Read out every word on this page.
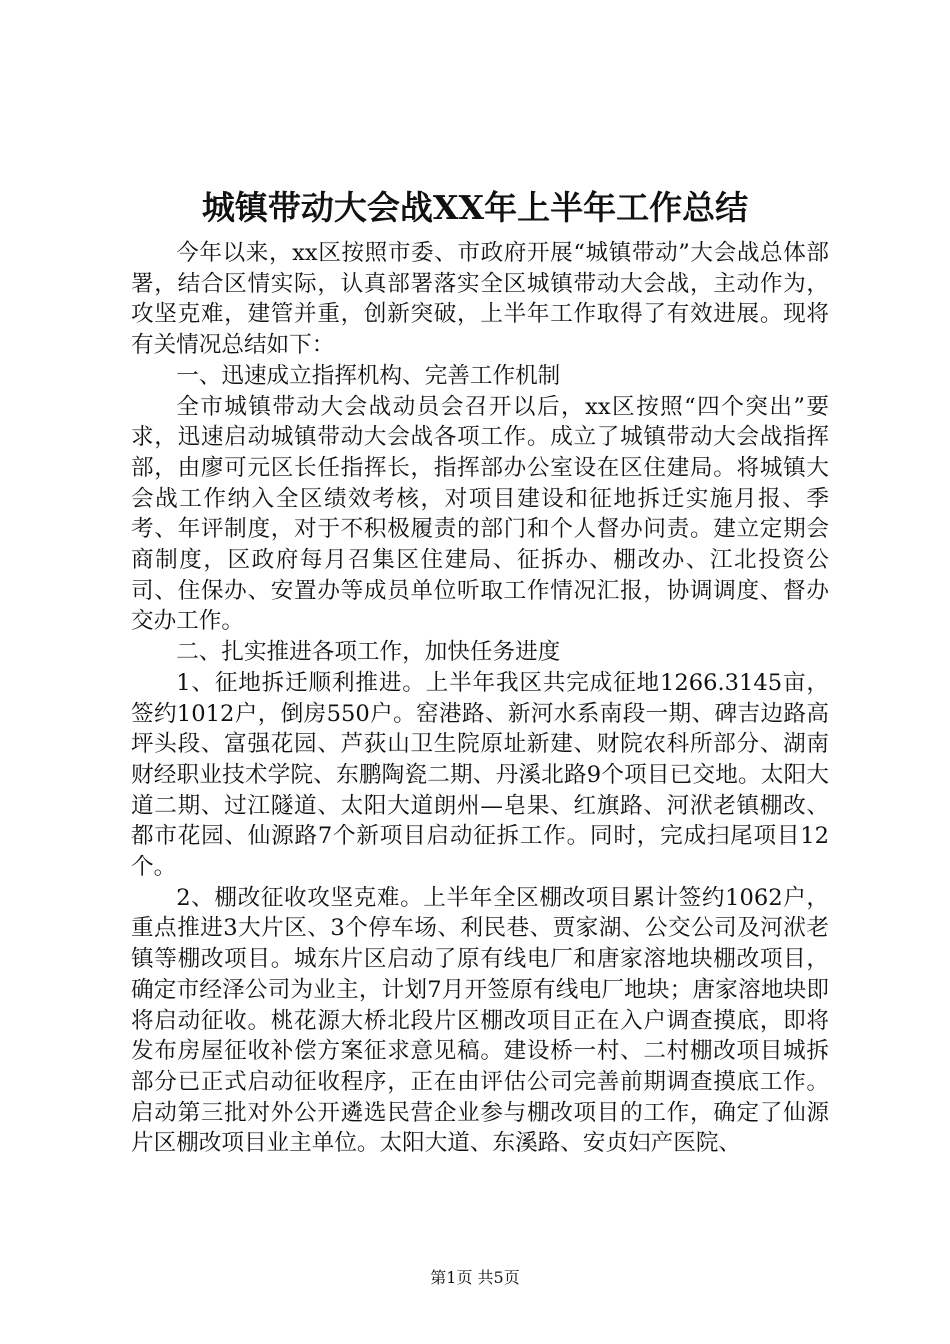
城镇带动大会战XX年上半年工作总结

今年以来，xx区按照市委、市政府开展“城镇带动”大会战总体部署，结合区情实际，认真部署落实全区城镇带动大会战，主动作为，攻坚克难，建管并重，创新突破，上半年工作取得了有效进展。现将有关情况总结如下：

一、迅速成立指挥机构、完善工作机制

全市城镇带动大会战动员会召开以后，xx区按照“四个突出”要求，迅速启动城镇带动大会战各项工作。成立了城镇带动大会战指挥部，由廖可元区长任指挥长，指挥部办公室设在区住建局。将城镇大会战工作纳入全区绩效考核，对项目建设和征地拆迁实施月报、季考、年评制度，对于不积极履责的部门和个人督办问责。建立定期会商制度，区政府每月召集区住建局、征拆办、棚改办、江北投资公司、住保办、安置办等成员单位听取工作情况汇报，协调调度、督办交办工作。

二、扎实推进各项工作，加快任务进度

1、征地拆迁顺利推进。上半年我区共完成征地1266.3145亩，签约1012户，倒房550户。窑港路、新河水系南段一期、碑吉边路高坪头段、富强花园、芦荻山卫生院原址新建、财院农科所部分、湖南财经职业技术学院、东鹏陶瓷二期、丹溪北路9个项目已交地。太阳大道二期、过江隧道、太阳大道朗州—皂果、红旗路、河洑老镇棚改、都市花园、仙源路7个新项目启动征拆工作。同时，完成扫尾项目12个。

2、棚改征收攻坚克难。上半年全区棚改项目累计签约1062户，重点推进3大片区、3个停车场、利民巷、贾家湖、公交公司及河洑老镇等棚改项目。城东片区启动了原有线电厂和唐家溶地块棚改项目，确定市经泽公司为业主，计划7月开签原有线电厂地块；唐家溶地块即将启动征收。桃花源大桥北段片区棚改项目正在入户调查摸底，即将发布房屋征收补偿方案征求意见稿。建设桥一村、二村棚改项目城拆部分已正式启动征收程序，正在由评估公司完善前期调查摸底工作。启动第三批对外公开遴选民营企业参与棚改项目的工作，确定了仙源片区棚改项目业主单位。太阳大道、东溪路、安贞妇产医院、

第1页 共5页
